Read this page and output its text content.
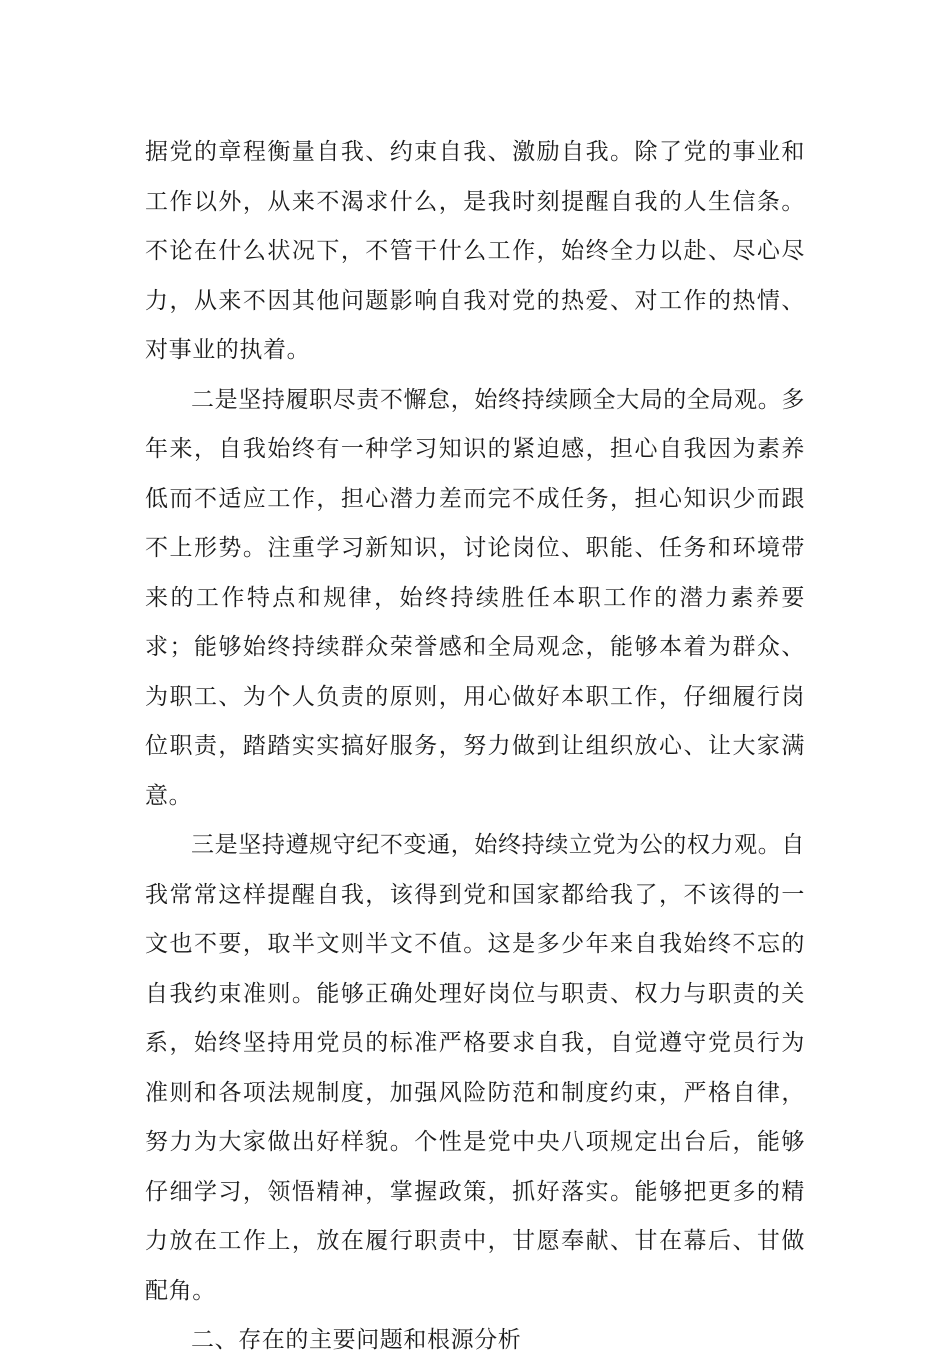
据党的章程衡量自我、约束自我、激励自我。除了党的事业和工作以外，从来不渴求什么，是我时刻提醒自我的人生信条。不论在什么状况下，不管干什么工作，始终全力以赴、尽心尽力，从来不因其他问题影响自我对党的热爱、对工作的热情、对事业的执着。

二是坚持履职尽责不懈怠，始终持续顾全大局的全局观。多年来，自我始终有一种学习知识的紧迫感，担心自我因为素养低而不适应工作，担心潜力差而完不成任务，担心知识少而跟不上形势。注重学习新知识，讨论岗位、职能、任务和环境带来的工作特点和规律，始终持续胜任本职工作的潜力素养要求；能够始终持续群众荣誉感和全局观念，能够本着为群众、为职工、为个人负责的原则，用心做好本职工作，仔细履行岗位职责，踏踏实实搞好服务，努力做到让组织放心、让大家满意。

三是坚持遵规守纪不变通，始终持续立党为公的权力观。自我常常这样提醒自我，该得到党和国家都给我了，不该得的一文也不要，取半文则半文不值。这是多少年来自我始终不忘的自我约束准则。能够正确处理好岗位与职责、权力与职责的关系，始终坚持用党员的标准严格要求自我，自觉遵守党员行为准则和各项法规制度，加强风险防范和制度约束，严格自律，努力为大家做出好样貌。个性是党中央八项规定出台后，能够仔细学习，领悟精神，掌握政策，抓好落实。能够把更多的精力放在工作上，放在履行职责中，甘愿奉献、甘在幕后、甘做配角。

二、存在的主要问题和根源分析
